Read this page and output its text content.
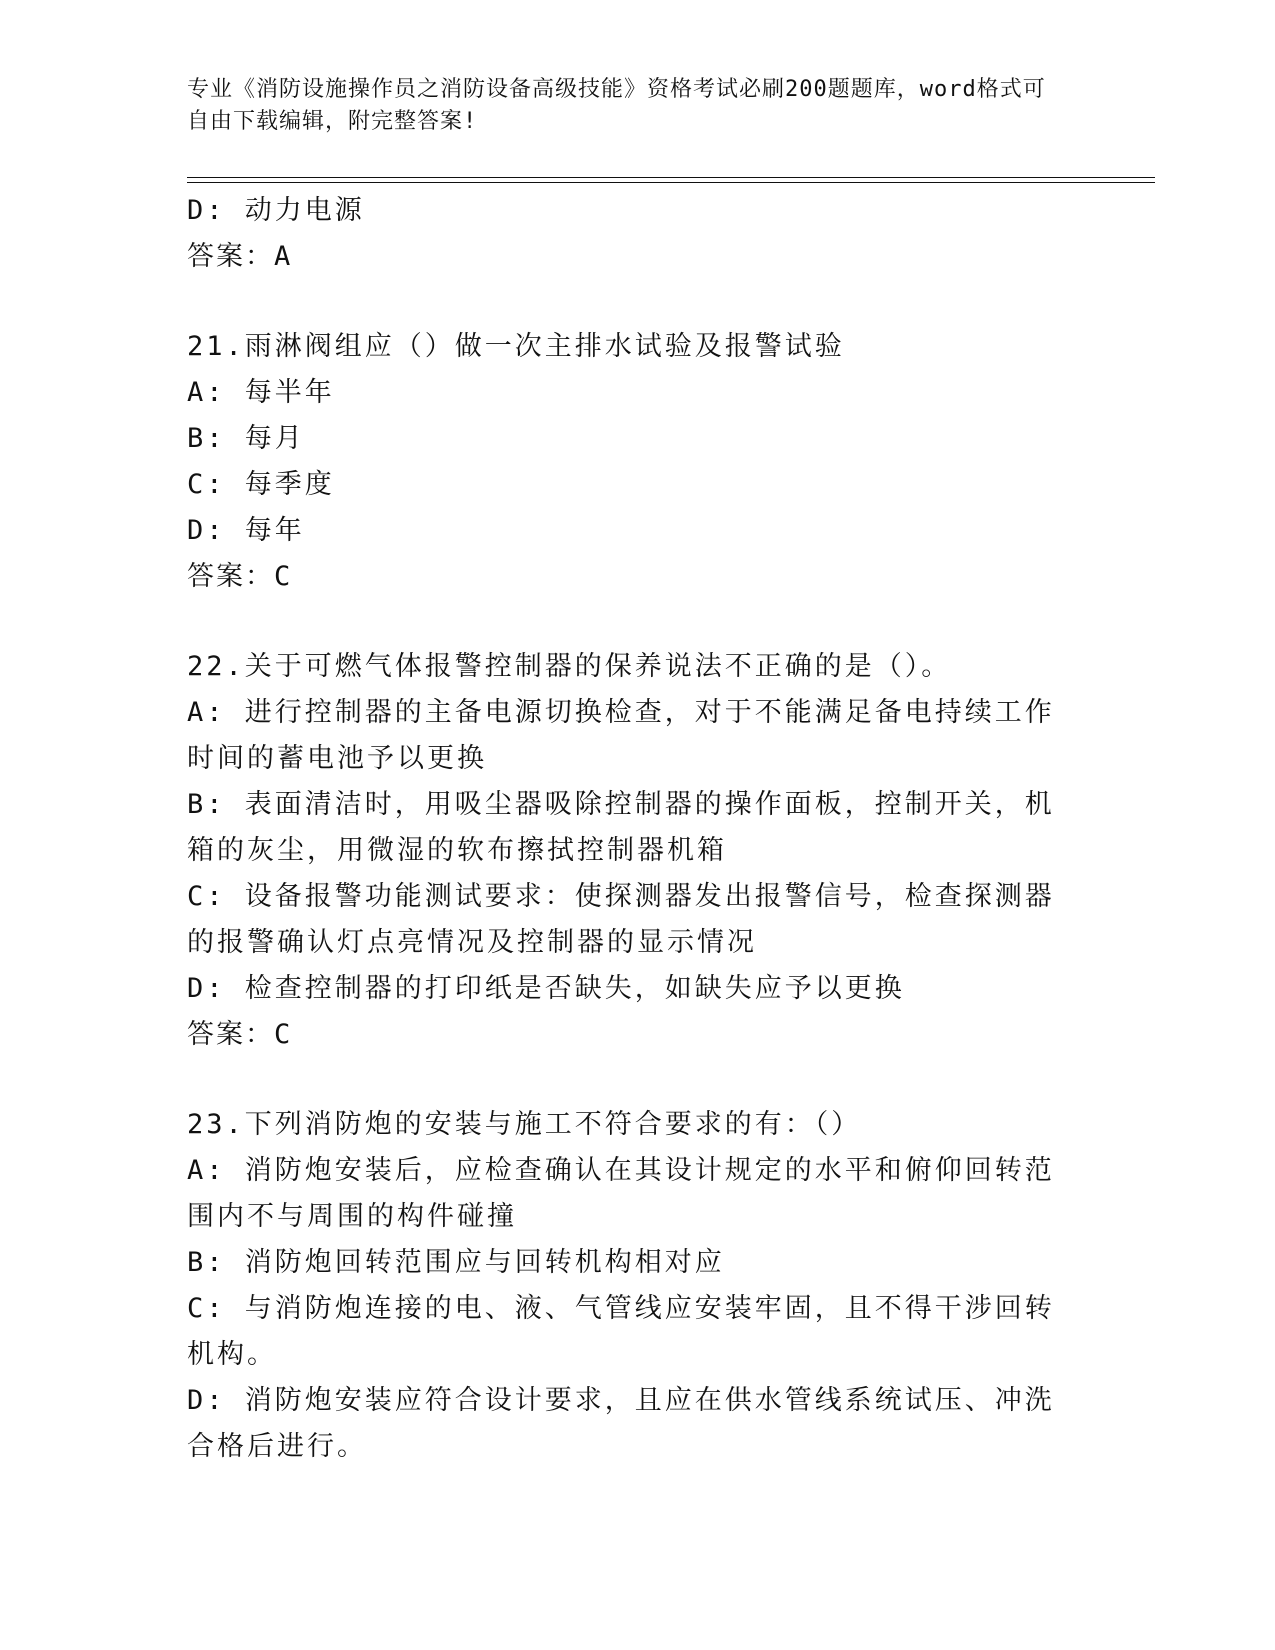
专业《消防设施操作员之消防设备高级技能》资格考试必刷200题题库，word格式可自由下载编辑，附完整答案!
D: 动力电源
答案：A
21.雨淋阀组应（）做一次主排水试验及报警试验
A: 每半年
B: 每月
C: 每季度
D: 每年
答案：C
22.关于可燃气体报警控制器的保养说法不正确的是（）。
A: 进行控制器的主备电源切换检查，对于不能满足备电持续工作时间的蓄电池予以更换
B: 表面清洁时，用吸尘器吸除控制器的操作面板，控制开关，机箱的灰尘，用微湿的软布擦拭控制器机箱
C: 设备报警功能测试要求：使探测器发出报警信号，检查探测器的报警确认灯点亮情况及控制器的显示情况
D: 检查控制器的打印纸是否缺失，如缺失应予以更换
答案：C
23.下列消防炮的安装与施工不符合要求的有：（）
A: 消防炮安装后，应检查确认在其设计规定的水平和俯仰回转范围内不与周围的构件碰撞
B: 消防炮回转范围应与回转机构相对应
C: 与消防炮连接的电、液、气管线应安装牢固，且不得干涉回转机构。
D: 消防炮安装应符合设计要求，且应在供水管线系统试压、冲洗合格后进行。
